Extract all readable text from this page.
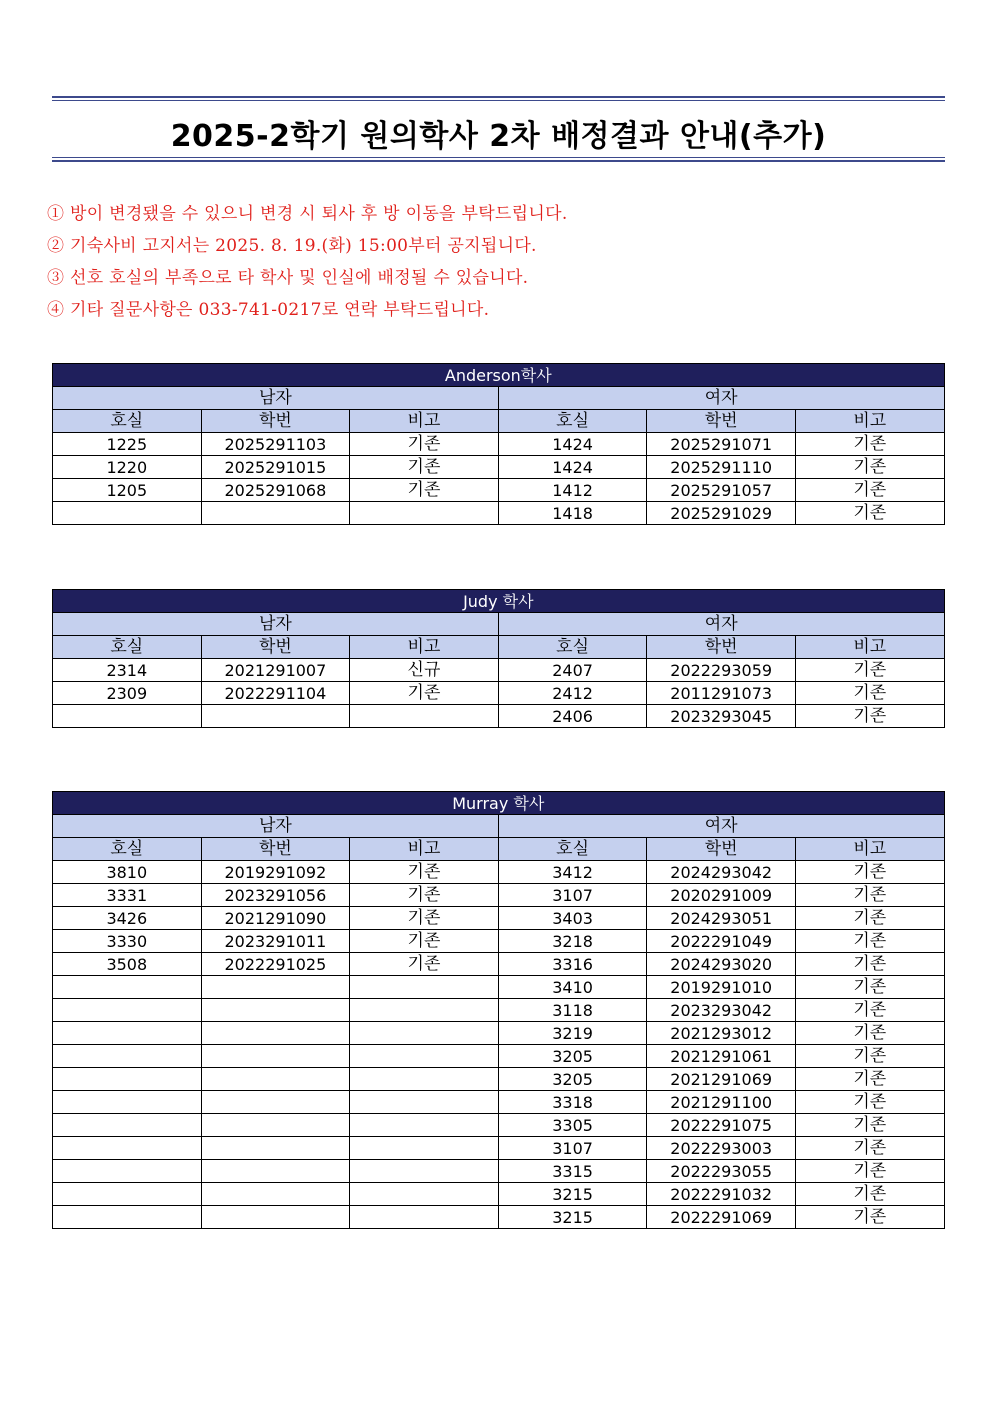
2025-2학기 원의학사 2차 배정결과 안내(추가)
① 방이 변경됐을 수 있으니 변경 시 퇴사 후 방 이동을 부탁드립니다.
② 기숙사비 고지서는 2025. 8. 19.(화) 15:00부터 공지됩니다.
③ 선호 호실의 부족으로 타 학사 및 인실에 배정될 수 있습니다.
④ 기타 질문사항은 033-741-0217로 연락 부탁드립니다.
Anderson학사					
남자			여자		
호실	학번	비고	호실	학번	비고
1225	2025291103	기존	1424	2025291071	기존
1220	2025291015	기존	1424	2025291110	기존
1205	2025291068	기존	1412	2025291057	기존
			1418	2025291029	기존
Judy 학사					
남자			여자		
호실	학번	비고	호실	학번	비고
2314	2021291007	신규	2407	2022293059	기존
2309	2022291104	기존	2412	2011291073	기존
			2406	2023293045	기존
Murray 학사					
남자			여자		
호실	학번	비고	호실	학번	비고
3810	2019291092	기존	3412	2024293042	기존
3331	2023291056	기존	3107	2020291009	기존
3426	2021291090	기존	3403	2024293051	기존
3330	2023291011	기존	3218	2022291049	기존
3508	2022291025	기존	3316	2024293020	기존
			3410	2019291010	기존
			3118	2023293042	기존
			3219	2021293012	기존
			3205	2021291061	기존
			3205	2021291069	기존
			3318	2021291100	기존
			3305	2022291075	기존
			3107	2022293003	기존
			3315	2022293055	기존
			3215	2022291032	기존
			3215	2022291069	기존
